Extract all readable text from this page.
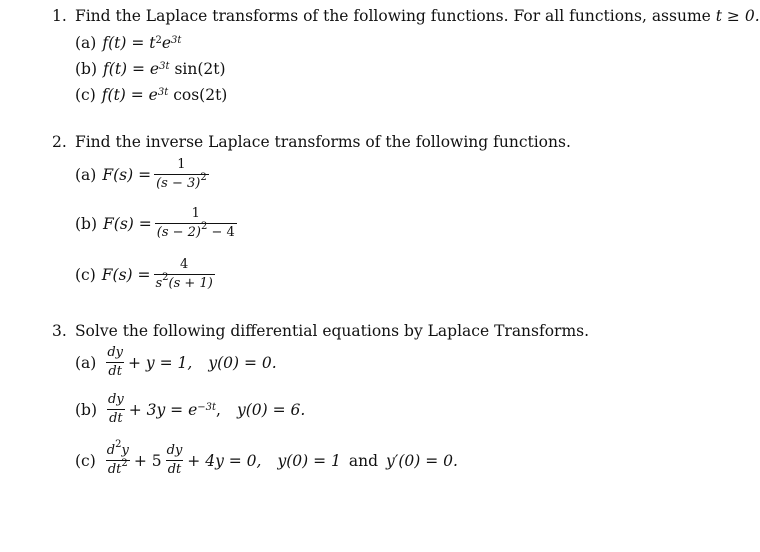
1. Find the Laplace transforms of the following functions. For all functions, assume t ≥ 0.
(a) $f(t) = t^2$ $e^{3t}$
(b) $f(t) = e^{3t}$
sin(2t)
(c) $f(t) = e^{3t}$
cos(2t)
2. Find the inverse Laplace transforms of the following functions.
(a) $F(s) = \frac{1}{(s - 3)^2}$
(b) $F(s) = \frac{1}{(s - 2)^2 - 4}$
(c) $F(s) = \frac{4}{s^2(s + 1)}$
3. Solve the following differential equations by Laplace Transforms.
$(a) \frac{dy}{dt} + y = 1$, y(0) = 0.
$(b) \frac{dy}{dt} + 3y = e^{-3t}$ , y(0) = 6.
$(c) \frac{d^2y}{dt^2} + 5 \frac{dy}{dt} + 4y = 0$, y(0) = 1 and y′(0) = 0.
